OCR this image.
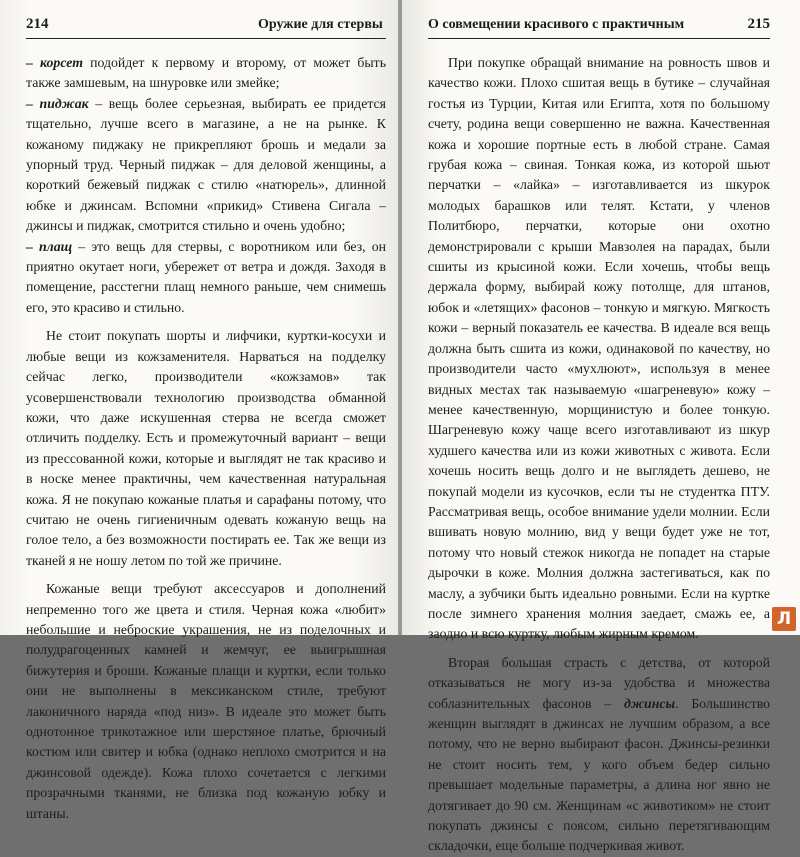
214	Оружие для стервы

– корсет подойдет к первому и второму, от может быть также замшевым, на шнуровке или змейке;

– пиджак – вещь более серьезная, выбирать ее придется тщательно, лучше всего в магазине, а не на рынке. К кожаному пиджаку не прикрепляют брошь и медали за упорный труд. Черный пиджак – для деловой женщины, а короткий бежевый пиджак с стилю «натюрель», длинной юбке и джинсам. Вспомни «прикид» Стивена Сигала – джинсы и пиджак, смотрится стильно и очень удобно;

– плащ – это вещь для стервы, с воротником или без, он приятно окутает ноги, убережет от ветра и дождя. Заходя в помещение, расстегни плащ немного раньше, чем снимешь его, это красиво и стильно.

Не стоит покупать шорты и лифчики, куртки-косухи и любые вещи из кожзаменителя. Нарваться на подделку сейчас легко, производители «кожзамов» так усовершенствовали технологию производства обманной кожи, что даже искушенная стерва не всегда сможет отличить подделку. Есть и промежуточный вариант – вещи из прессованной кожи, которые и выглядят не так красиво и в носке менее практичны, чем качественная натуральная кожа. Я не покупаю кожаные платья и сарафаны потому, что считаю не очень гигиеничным одевать кожаную вещь на голое тело, а без возможности постирать ее. Так же вещи из тканей я не ношу летом по той же причине.

Кожаные вещи требуют аксессуаров и дополнений непременно того же цвета и стиля. Черная кожа «любит» небольшие и неброские украшения, не из поделочных и полудрагоценных камней и жемчуг, ее выигрышная бижутерия и броши. Кожаные плащи и куртки, если только они не выполнены в мексиканском стиле, требуют лаконичного наряда «под низ». В идеале это может быть однотонное трикотажное или шерстяное платье, брючный костюм или свитер и юбка (однако неплохо смотрится и на джинсовой одежде). Кожа плохо сочетается с легкими прозрачными тканями, не близка под кожаную юбку и штаны.

О совмещении красивого с практичным	215

При покупке обращай внимание на ровность швов и качество кожи. Плохо сшитая вещь в бутике – случайная гостья из Турции, Китая или Египта, хотя по большому счету, родина вещи совершенно не важна. Качественная кожа и хорошие портные есть в любой стране. Самая грубая кожа – свиная. Тонкая кожа, из которой шьют перчатки – «лайка» – изготавливается из шкурок молодых барашков или телят. Кстати, у членов Политбюро, перчатки, которые они охотно демонстрировали с крыши Мавзолея на парадах, были сшиты из крысиной кожи. Если хочешь, чтобы вещь держала форму, выбирай кожу потолще, для штанов, юбок и «летящих» фасонов – тонкую и мягкую. Мягкость кожи – верный показатель ее качества. В идеале вся вещь должна быть сшита из кожи, одинаковой по качеству, но производители часто «мухлюют», используя в менее видных местах так называемую «шагреневую» кожу – менее качественную, морщинистую и более тонкую. Шагреневую кожу чаще всего изготавливают из шкур худшего качества или из кожи животных с живота. Если хочешь носить вещь долго и не выглядеть дешево, не покупай модели из кусочков, если ты не студентка ПТУ. Рассматривая вещь, особое внимание удели молнии. Если вшивать новую молнию, вид у вещи будет уже не тот, потому что новый стежок никогда не попадет на старые дырочки в коже. Молния должна застегиваться, как по маслу, а зубчики быть идеально ровными. Если на куртке после зимнего хранения молния заедает, смажь ее, а заодно и всю куртку, любым жирным кремом.

Вторая большая страсть с детства, от которой отказываться не могу из-за удобства и множества соблазнительных фасонов – джинсы. Большинство женщин выглядят в джинсах не лучшим образом, а все потому, что не верно выбирают фасон. Джинсы-резинки не стоит носить тем, у кого объем бедер сильно превышает модельные параметры, а длина ног явно не дотягивает до 90 см. Женщинам «с животиком» не стоит покупать джинсы с поясом, сильно перетягивающим складочки, еще больше подчеркивая живот.

Л
